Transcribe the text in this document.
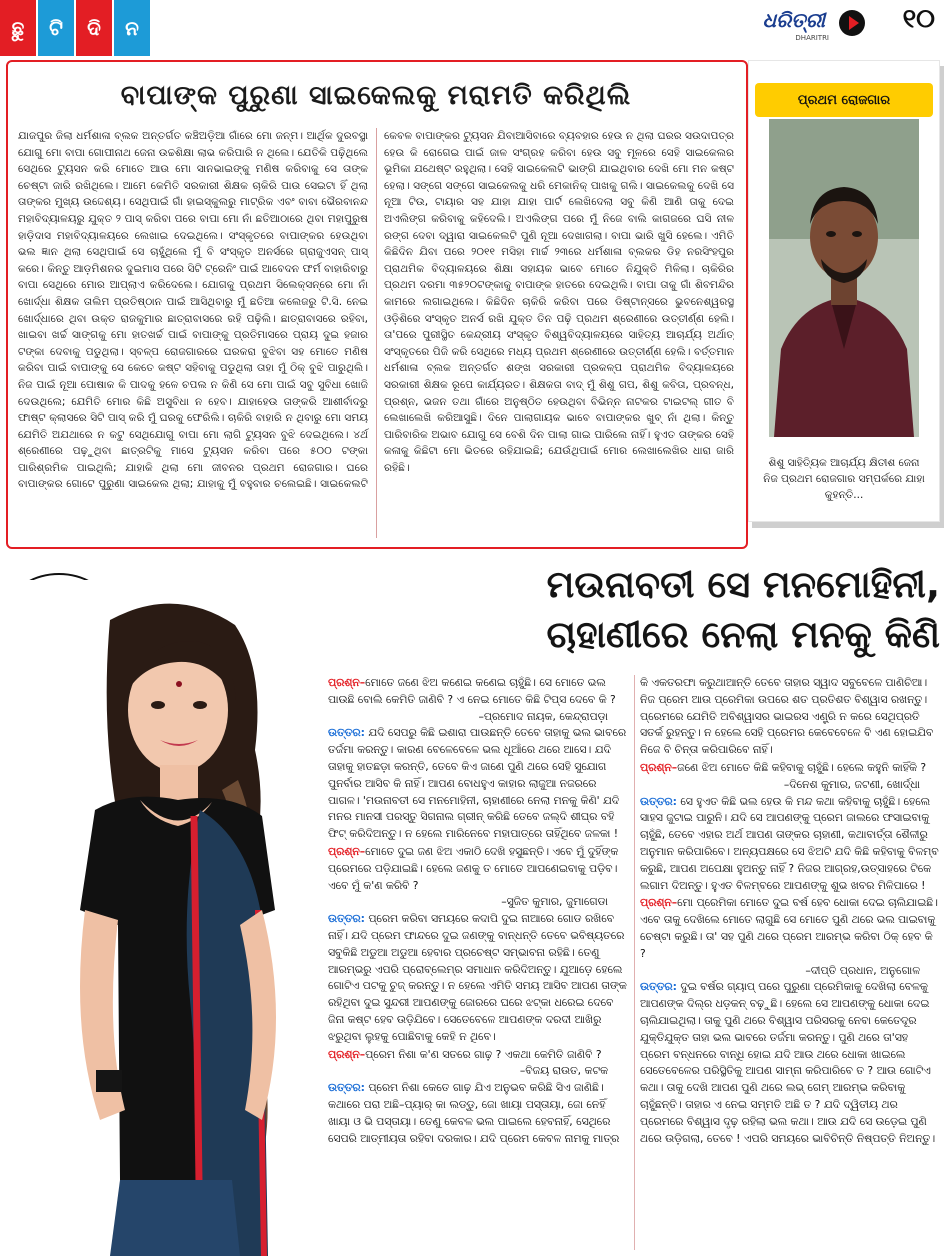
ଛୁ	ଟି	ଦି	ନ	ଧରିତ୍ରୀ
DHARITRI
୧୦
ବାପାଙ୍କ ପୁରୁଣା ସାଇକେଲକୁ ମରାମତି କରିଥିଲି

ଯାଜପୁର ଜିଲା ଧର୍ମଶାଳା ବ୍ଲକ ଅନ୍ତର୍ଗତ କଞ୍ଚିଅଡ଼ିଆ ଗାଁରେ ମୋ ଜନ୍ମ। ଆର୍ଥିକ ଦୁରବସ୍ଥା ଯୋଗୁ ମୋ ବାପା ଗୋପୀନାଥ ଜେନା ଉଚ୍ଚଶିକ୍ଷା ଲାଭ କରିପାରି ନ ଥିଲେ। ଯେତିକି ପଢ଼ିଥିଲେ ସେଥିରେ ଟ୍ୟୁସନ କରି ମୋତେ ଆଉ ମୋ ସାନଭାଇଙ୍କୁ ମଣିଷ କରିବାକୁ ସେ ତାଙ୍କ ଚେଷ୍ଟା ଜାରି ରଖିଥିଲେ। ଆମେ କେମିତି ସରକାରୀ ଶିକ୍ଷକ ଚାକିରି ପାଉ ସେଇଟା ହିଁ ଥିଲା ତାଙ୍କର ମୁଖ୍ୟ ଉଦ୍ଦେଶ୍ୟ। ସେଥିପାଇଁ ଗାଁ ହାଇସ୍କୁଲରୁ ମାଟ୍ରିକ ଏବଂ ବାବା ଭୈରବାନନ୍ଦ ମହାବିଦ୍ୟାଳୟରୁ ଯୁକ୍ତ ୨ ପାସ୍‌ କରିବା ପରେ ବାପା ମୋ ନାଁ ଛତିଆଠାରେ ଥିବା ମହାପୁରୁଷ ହାଡ଼ିଦାସ ମହାବିଦ୍ୟାଳୟରେ ଲେଖାଇ ଦେଇଥିଲେ। ସଂସ୍କୃତରେ ବାପାଙ୍କର ହେଉଥିବା ଭଲ ଜ୍ଞାନ ଥିଲା ସେଥିପାଇଁ ସେ ଚାହୁଁଥିଲେ ମୁଁ ବି ସଂସ୍କୃତ ଅନର୍ସରେ ଗ୍ରାଜୁଏସନ୍‌ ପାସ୍‌ କରେ। କିନ୍ତୁ ଆଡ଼ମିଶନର ଦୁଇମାସ ପରେ ସିଟି ଟ୍ରେନିଂ ପାଇଁ ଆବେଦନ ଫର୍ମ ବାହାରିବାରୁ ବାପା ସେଥିରେ ମୋର ଆପ୍ଲାଏ କରିଦେଲେ। ଯୋଗକୁ ପ୍ରଥମ ସିଲେକ୍ସନ୍‌ରେ ମୋ ନାଁ ଖୋର୍ଦ୍ଧା ଶିକ୍ଷକ ତାଲିମ ପ୍ରତିଷ୍ଠାନ ପାଇଁ ଆସିଥିବାରୁ ମୁଁ ଛତିଆ କଲେଜରୁ ଟି.ସି. ନେଇ ଖୋର୍ଦ୍ଧାରେ ଥିବା ଉକ୍ତ ରାଜକୁମାର ଛାତ୍ରାବାସରେ ରହି ପଢ଼ିଲି। ଛାତ୍ରାବାସରେ ରହିବା, ଖାଇବା ଖର୍ଚ୍ଚ ସାଙ୍ଗକୁ ମୋ ହାତଖର୍ଚ୍ଚ ପାଇଁ ବାପାଙ୍କୁ ପ୍ରତିମାସରେ ପ୍ରାୟ ଦୁଇ ହଜାର ଟଙ୍କା ଦେବାକୁ ପଡୁଥିଲା। ସ୍ବଳ୍ପ ରୋଜଗାରରେ ଘରକରା ବୁଝିବା ସହ ମୋତେ ମଣିଷ କରିବା ପାଇଁ ବାପାଙ୍କୁ ସେ କେତେ କଷ୍ଟ ସହିବାକୁ ପଡୁଥିଲା ତାହା ମୁଁ ଠିକ୍‌ ବୁଝି ପାରୁଥିଲି। ନିଜ ପାଇଁ ନୂଆ ପୋଷାକ କି ପାଦକୁ ହଳେ ଚପଲ ନ କିଣି ସେ ମୋ ପାଇଁ ସବୁ ସୁବିଧା ଖୋଜି ଦେଉଥିଲେ; ଯେମିତି ମୋର କିଛି ଅସୁବିଧା ନ ହେବ। ଯାହାହେଉ ତାଙ୍କରି ଆଶୀର୍ବାଦରୁ ଫାଷ୍ଟ କ୍ଲାସରେ ସିଟି ପାସ୍‌ କରି ମୁଁ ଘରକୁ ଫେରିଲି। ଚାକିରି ବାହାରି ନ ଥିବାରୁ ମୋ ସମୟ ଯେମିତି ଅଯଥାରେ ନ କଟୁ ସେଥିଯୋଗୁ ବାପା ମୋ ଲାଗି ଟ୍ୟୁସନ ବୁଝି ଦେଇଥିଲେ। ୪ର୍ଥ ଶ୍ରେଣୀରେ ପଢ଼ୁଥିବା ଛାତ୍ରଟିକୁ ମାସେ ଟ୍ୟୁସନ କରିବା ପରେ ୫୦୦ ଟଙ୍କା ପାରିଶ୍ରମିକ ପାଇଥିଲି; ଯାହାକି ଥିଲା ମୋ ଜୀବନର ପ୍ରଥମ ରୋଜଗାର। ଘରେ ବାପାଙ୍କର ଗୋଟେ ପୁରୁଣା ସାଇକେଲ ଥିଲା; ଯାହାକୁ ମୁଁ ବହୁବାର ଚଲେଇଛି। ସାଇକେଲଟି କେବଳ ବାପାଙ୍କର ଟ୍ୟୁସନ ଯିବାଆସିବାରେ ବ୍ୟବହାର ହେଉ ନ ଥିଲା ଘରର ସଉଦାପତ୍ର ହେଉ କି ରୋଗେଇ ପାଇଁ ଜାଳ ସଂଗ୍ରହ କରିବା ହେଉ ସବୁ ମୂଳରେ ସେହି ସାଇକେଲର ଭୂମିକା ଯଥେଷ୍ଟ ରହୁଥିଲା। ସେହି ସାଇକେଲଟି ଭାଙ୍ଗି ଯାଇଥିବାର ଦେଖି ମୋ ମନ କଷ୍ଟ ହେଲା। ସଙ୍ଗେ ସଙ୍ଗେ ସାଇକେଲକୁ ଧରି ମେକାନିକ୍‌ ପାଖକୁ ଗଲି। ସାଇକେଲକୁ ଦେଖି ସେ ନୂଆ ଟିଉ, ଟାୟାର ସହ ଯାହା ଯାହା ପାର୍ଟ ଲେଖିଦେଲା ସବୁ କିଣି ଆଣି ତାକୁ ଦେଇ ଅଏଲିଙ୍ଗ କରିବାକୁ କହିଦେଲି। ଅଏଲିଙ୍ଗ ପରେ ମୁଁ ନିଜେ ବାଲି କାଗଜରେ ଘସି ନୀଳ ରଙ୍ଗ ଦେବା ଦ୍ୱାରା ସାଇକେଲଟି ପୁଣି ନୂଆ ଦେଖାଗଲା। ବାପା ଭାରି ଖୁସି ହେଲେ। ଏମିତି କିଛିଦିନ ଯିବା ପରେ ୨୦୧୧ ମସିହା ମାର୍ଚ୍ଚ ୨୩ରେ ଧର୍ମଶାଳା ବ୍ଲକର ଡିହ ନରସିଂହପୁର ପ୍ରାଥମିକ ବିଦ୍ୟାଳୟରେ ଶିକ୍ଷା ସହାୟକ ଭାବେ ମୋତେ ନିଯୁକ୍ତି ମିଳିଲା। ଚାକିରିର ପ୍ରଥମ ଦରମା ୩୫୨୦ଟଙ୍କାକୁ ବାପାଙ୍କ ହାତରେ ଦେଇଥିଲି। ବାପା ତାକୁ ଗାଁ ଶିବମନ୍ଦିର କାମରେ ଲଗାଇଥିଲେ। କିଛିଦିନ ଚାକିରି କରିବା ପରେ ଡିଷ୍ଟାନ୍ସରେ ଭୁବନେଶ୍ୱରସ୍ଥ ଓଡ଼ିଶିରେ ସଂସ୍କୃତ ଅନର୍ସ ରଖି ଯୁକ୍ତ ତିନ ପଢ଼ି ପ୍ରଥମ ଶ୍ରେଣୀରେ ଉତ୍ତୀର୍ଣ୍ଣ ହେଲି। ତା'ପରେ ପୁରୀସ୍ଥିତ କେନ୍ଦ୍ରୀୟ ସଂସ୍କୃତ ବିଶ୍ୱବିଦ୍ୟାଳୟରେ ସାହିତ୍ୟ ଆଚାର୍ଯ୍ୟ ଅର୍ଥାତ୍‌ ସଂସ୍କୃତରେ ପିଜି କରି ସେଥିରେ ମଧ୍ୟ ପ୍ରଥମ ଶ୍ରେଣୀରେ ଉତ୍ତୀର୍ଣ୍ଣ ହେଲି। ବର୍ତ୍ତମାନ ଧର୍ମଶାଳା ବ୍ଲକ ଅନ୍ତର୍ଗତ ଶଙ୍ଖ ସରକାରୀ ପ୍ରକଳ୍ପ ପ୍ରାଥମିକ ବିଦ୍ୟାଳୟରେ ସରକାରୀ ଶିକ୍ଷକ ରୂପେ କାର୍ଯ୍ୟରତ। ଶିକ୍ଷକତା ବାଦ୍‌ ମୁଁ ଶିଶୁ ଗପ, ଶିଶୁ କବିତା, ପ୍ରବନ୍ଧ, ପ୍ରଶ୍ନ, ଭଜନ ତଥା ଗାଁରେ ଅନୁଷ୍ଠିତ ହେଉଥିବା ବିଭିନ୍ନ ନାଟକର ଟାଇଟଲ୍‌ ଗୀତ ବି ଲେଖାଲେଖି କରିଆସୁଛି। ଦିନେ ପାଲାଗାୟକ ଭାବେ ବାପାଙ୍କର ଖୁବ୍‌ ନାଁ ଥିଲା। କିନ୍ତୁ ପାରିବାରିକ ଅଭାବ ଯୋଗୁ ସେ ବେଶି ଦିନ ପାଲା ଗାଇ ପାରିଲେ ନାହିଁ। ହୁଏତ ତାଙ୍କର ସେହି କଳାକୁ କିଛିଟା ମୋ ଭିତରେ ରହିଯାଇଛି; ଯେଉଁଥିପାଇଁ ମୋର ଲେଖାଲେଖିର ଧାରା ଜାରି ରହିଛି।

ପ୍ରଥମ ରୋଜଗାର
ଶିଶୁ ସାହିତ୍ୟିକ ଆଚାର୍ଯ୍ୟ କ୍ଷିତୀଶ ଜେନା ନିଜ ପ୍ରଥମ ରୋଜଗାର ସମ୍ପର୍କରେ ଯାହା କୁହନ୍ତି...
ମଉନାବତୀ ସେ ମନମୋହିନୀ,
ଚାହାଣୀରେ ନେଲା ମନକୁ କିଣି

ପ୍ରଶ୍ନ–ମୋତେ ଜଣେ ଝିଅ କଣେଇ କଣେଇ ଚାହୁଁଛି। ସେ ମୋତେ ଭଲ ପାଉଛି ବୋଲି କେମିତି ଜାଣିବି ? ଏ ନେଇ ମୋତେ କିଛି ଟିପ୍ସ ଦେବେ କି ?
–ପ୍ରମୋଦ ନାୟକ, କେନ୍ଦ୍ରାପଡ଼ା
ଉତ୍ତର: ଯଦି ସେପରୁ କିଛି ଇଶାରା ପାଉଛନ୍ତି ତେବେ ତାହାକୁ ଭଲ ଭାବରେ ତର୍ଜମା କରନ୍ତୁ। କାରଣ ବେଳେବେଳେ ଭଲ ଧୂଆଁରେ ଥରେ ଆସେ। ଯଦି ତାହାକୁ ହାତଛଡ଼ା କରନ୍ତି, ତେବେ କିଏ ଜାଣେ ପୁଣି ଥରେ ସେହି ସୁଯୋଗ ପୁନର୍ବାର ଆସିବ କି ନାହିଁ। ଆପଣ ବୋଧହୁଏ କାହାର ଲାଜୁଆ ନଜରରେ ପାଗଳ। 'ମଉନାବତୀ ସେ ମନମୋହିନୀ, ଚାହାଣୀରେ ନେଲା ମନକୁ କିଣି' ଯଦି ମନର ମାନସୀ ପରସ୍ତୁ ସିଗନାଲ ଗ୍ରୀନ୍‌ କରିଛି ତେବେ ଜଲ୍‌ଦି ଶୀଘ୍ର ବହି ଫିଟ୍‌ କରିଦିଅନ୍ତୁ। ନ ହେଲେ ମାରିନେବେ ମହାପାତ୍ରେ ତାହିଁଥିବେ ଜଳକା !

ପ୍ରଶ୍ନ–ମୋତେ ଦୁଇ ଜଣ ଝିଅ ଏକାଠି ଦେଖି ହସୁଛନ୍ତି। ଏବେ ମୁଁ ଦୁହିଁଙ୍କ ପ୍ରେମରେ ପଡ଼ିଯାଇଛି। ହେଲେ ଜଣକୁ ତ ମୋତେ ଆପଣେଇବାକୁ ପଡ଼ିବ। ଏବେ ମୁଁ କ'ଣ କରିବି ?
–ସୁଜିତ କୁମାର, ଜୁମାଗେଡା
ଉତ୍ତର: ପ୍ରେମ କରିବା ସମୟରେ କଦାପି ଦୁଇ ନାଆରେ ଗୋଡ ରଖିବେ ନାହିଁ। ଯଦି ପ୍ରେମ ଫାନ୍ଦରେ ଦୁଇ ଜଣଙ୍କୁ ବାନ୍ଧନ୍ତି ତେବେ ଭବିଷ୍ୟତରେ ସବୁକିଛି ଅଡୁଆ ଅଡୁଆ ହେବାର ପ୍ରଚେଷ୍ଟ ସମ୍ଭାବନା ରହିଛି। ତେଣୁ ଆରମ୍ଭରୁ ଏପରି ପ୍ରୋବ୍ଲେମ୍‌ର ସମାଧାନ କରିଦିଅନ୍ତୁ। ଯୁଆଡ଼େ ହେଲେ ଗୋଟିଏ ପଟକୁ ଚୁଜ୍‌ କରନ୍ତୁ। ନ ହେଲେ ଏମିତି ସମୟ ଆସିବ ଆପଣ ତାଙ୍କ ରହିଥିବା ଦୁଇ ସୁନ୍ଦରୀ ଆପଣଙ୍କୁ ଜୋରରେ ଘରେ ଝଟ୍‌କା ଧରେଇ ଦେବେ ଜିନା କଷ୍ଟ ହେବ ଉଡ଼ିଯିବେ। ସେତେବେଳେ ଆପଣଙ୍କ ଦରଦୀ ଆଖିରୁ ଝରୁଥିବା ଲୁହକୁ ପୋଛିବାକୁ କେହି ନ ଥିବେ।

ପ୍ରଶ୍ନ–ପ୍ରେମ ନିଶା କ'ଣ ସତରେ ଗାଢ଼ ? ଏକଥା କେମିତି ଜାଣିବି ?
–ବିଜୟ ରାଉତ, କଟକ
ଉତ୍ତର: ପ୍ରେମ ନିଶା କେତେ ଗାଢ଼ ଯିଏ ଅନୁଭବ କରିଛି ସିଏ ଜାଣିଛି। କଥାରେ ପରା ଅଛି–ପ୍ୟାର୍‌ କା ଲଡ୍ଡୁ, ଜୋ ଖାୟା ପସ୍ତାୟା, ଜୋ ନେହିଁ ଖାୟା ଓ ଭି ପସ୍ତାୟା। ତେଣୁ କେବଳ ଭଲ ପାଇଲେ ହେବନାହିଁ, ସେଥିରେ ସେପରି ଆତ୍ମୀୟତା ରହିବା ଦରକାର। ଯଦି ପ୍ରେମ କେବଳ ନାମକୁ ମାତ୍ର କି ଏକତରଫା କରୁଥାଆନ୍ତି ତେବେ ତାହାର ସ୍ୱାଦ ସବୁବେଳେ ପାଣିଚିଆ। ନିଜ ପ୍ରେମ ଆଉ ପ୍ରେମିକା ଉପରେ ଶତ ପ୍ରତିଶତ ବିଶ୍ୱାସ ରଖନ୍ତୁ। ପ୍ରେମରେ ଯେମିତି ଅବିଶ୍ୱାସର ଭାଇରସ ଏଣ୍ଟ୍ରି ନ କରେ ସେଥିପ୍ରତି ସତର୍କ ରୁହନ୍ତୁ। ନ ହେଲେ ସେହି ପ୍ରେମର କେବେବେଳେ ବି ଏଣ ହୋଇଯିବ ନିଜେ ବି ଚିନ୍ତା କରିପାରିବେ ନାହିଁ।

ପ୍ରଶ୍ନ–ଜଣେ ଝିଅ ମୋତେ କିଛି କହିବାକୁ ଚାହୁଁଛି। ହେଲେ କହୁନି କାହିଁକି ?
–ଦିନେଶ କୁମାର, ଜଟଣୀ, ଖୋର୍ଦ୍ଧା
ଉତ୍ତର: ସେ ହୁଏତ କିଛି ଭଲ ହେଉ କି ମନ୍ଦ କଥା କହିବାକୁ ଚାହୁଁଛି। ହେଲେ ସାହସ ଜୁଟାଇ ପାରୁନି। ଯଦି ସେ ଆପଣଙ୍କୁ ପ୍ରେମ ଜାଲରେ ଫସାଇବାକୁ ଚାହୁଁଛି, ତେବେ ଏହାର ଅର୍ଥ ଆପଣ ତାଙ୍କର ଚାହାଣୀ, କଥାବାର୍ତ୍ତା ଶୈଳୀରୁ ଅନୁମାନ କରିପାରିବେ। ଅନ୍ୟପକ୍ଷରେ ସେ ଝିଅଟି ଯଦି କିଛି କହିବାକୁ ବିଳମ୍ବ କରୁଛି, ଆପଣ ଅପେକ୍ଷା ହୁଅନ୍ତୁ ନାହିଁ ? ନିଜର ଆଗ୍ରହ,ଉତ୍ସାହରେ ଟିକେ ଲଗାମ ଦିଅନ୍ତୁ। ହୁଏତ ବିଳମ୍ବରେ ଆପଣଙ୍କୁ ଶୁଭ ଖବର ମିଳିପାରେ !

ପ୍ରଶ୍ନ–ମୋ ପ୍ରେମିକା ମୋତେ ଦୁଇ ବର୍ଷ ହେବ ଧୋକା ଦେଇ ଚାଲିଯାଇଛି। ଏବେ ତାକୁ ଦେଖିଲେ ମୋତେ ଲାଗୁଛି ସେ ମୋତେ ପୁଣି ଥରେ ଭଲ ପାଇବାକୁ ଚେଷ୍ଟା କରୁଛି। ତା' ସହ ପୁଣି ଥରେ ପ୍ରେମ ଆରମ୍ଭ କରିବା ଠିକ୍‌ ହେବ କି ?
–ଦୀପ୍ତି ପ୍ରଧାନ, ଅନୁଗୋଳ
ଉତ୍ତର: ଦୁଇ ବର୍ଷର ଗ୍ୟାପ୍‌ ପରେ ପୁରୁଣା ପ୍ରେମିକାକୁ ଦେଖିଲା ବେଳକୁ ଆପଣଙ୍କ ଦିଲ୍‌ର ଧଡ଼କନ୍‌ ବଢ଼ୁଛି। ହେଲେ ସେ ଆପଣଙ୍କୁ ଧୋକା ଦେଇ ଚାଲିଯାଇଥିଲା। ତାକୁ ପୁଣି ଥରେ ବିଶ୍ୱାସ ପରିସରକୁ ନେବା କେତେଦୂର ଯୁକ୍ତିଯୁକ୍ତ ତାହା ଭଲ ଭାବରେ ତର୍ଜମା କରନ୍ତୁ। ପୁଣି ଥରେ ତା'ସହ ପ୍ରେମ ବନ୍ଧନରେ ବାନ୍ଧି ହୋଇ ଯଦି ଆଉ ଥରେ ଧୋକା ଖାଇଲେ ସେତେବେଳେର ପରିସ୍ଥିତିକୁ ଆପଣ ସାମ୍ନା କରିପାରିବେ ତ ? ଆଉ ଗୋଟିଏ କଥା। ତାକୁ ଦେଖି ଆପଣ ପୁଣି ଥରେ ଲଭ୍‌ ଗେମ୍‌ ଆରମ୍ଭ କରିବାକୁ ଚାହୁଁଛନ୍ତି। ତାହାର ଏ ନେଇ ସମ୍ମତି ଅଛି ତ ? ଯଦି ଦ୍ୱିତୀୟ ଥର ପ୍ରେମରେ ବିଶ୍ୱାସ ଦୃଢ଼ ରହିଲା ଭଲ କଥା। ଆଉ ଯଦି ସେ ଉଡ଼େଇ ପୁଣି ଥରେ ଉଡ଼ିଗଲା, ତେବେ ! ଏପରି ସମୟରେ ଭାବିଚିନ୍ତି ନିଷ୍ପତ୍ତି ନିଅନ୍ତୁ।
